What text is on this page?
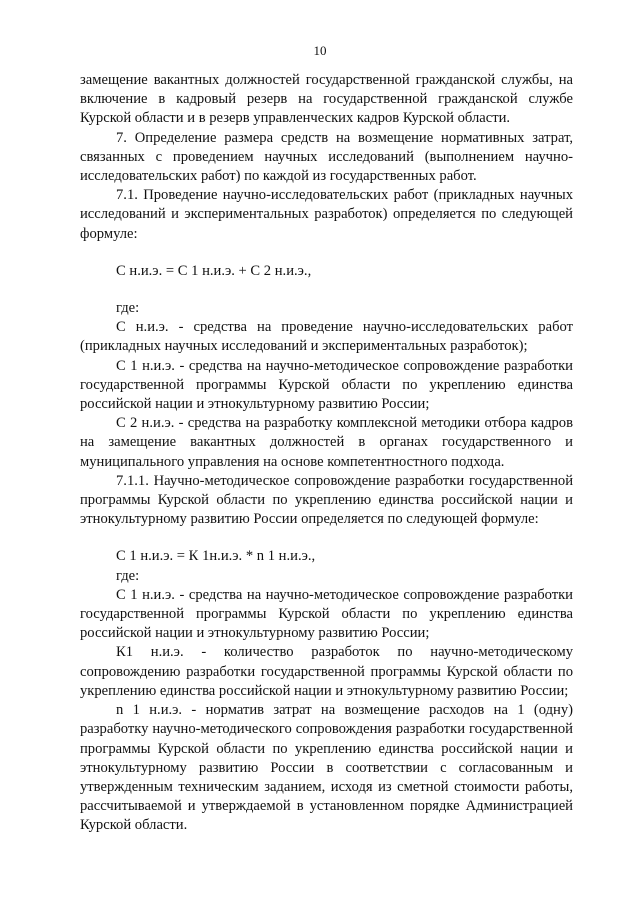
10

замещение вакантных должностей государственной гражданской службы, на включение в кадровый резерв на государственной гражданской службе Курской области и в резерв управленческих кадров Курской области.

7. Определение размера средств на возмещение нормативных затрат, связанных с проведением научных исследований (выполнением научно-исследовательских работ) по каждой из государственных работ.

7.1. Проведение научно-исследовательских работ (прикладных научных исследований и экспериментальных разработок) определяется по следующей формуле:

С н.и.э. = С 1 н.и.э. + С 2 н.и.э.,

где:

С н.и.э. - средства на проведение научно-исследовательских работ (прикладных научных исследований и экспериментальных разработок);

С 1 н.и.э. - средства на научно-методическое сопровождение разработки государственной программы Курской области по укреплению единства российской нации и этнокультурному развитию России;

С 2 н.и.э. - средства на разработку комплексной методики отбора кадров на замещение вакантных должностей в органах государственного и муниципального управления на основе компетентностного подхода.

7.1.1. Научно-методическое сопровождение разработки государственной программы Курской области по укреплению единства российской нации и этнокультурному развитию России определяется по следующей формуле:

С 1 н.и.э. = К 1н.и.э. * n 1 н.и.э.,

где:

С 1 н.и.э. - средства на научно-методическое сопровождение разработки государственной программы Курской области по укреплению единства российской нации и этнокультурному развитию России;

К1 н.и.э. - количество разработок по научно-методическому сопровождению разработки государственной программы Курской области по укреплению единства российской нации и этнокультурному развитию России;

n 1 н.и.э. - норматив затрат на возмещение расходов на 1 (одну) разработку научно-методического сопровождения разработки государственной программы Курской области по укреплению единства российской нации и этнокультурному развитию России в соответствии с согласованным и утвержденным техническим заданием, исходя из сметной стоимости работы, рассчитываемой и утверждаемой в установленном порядке Администрацией Курской области.
